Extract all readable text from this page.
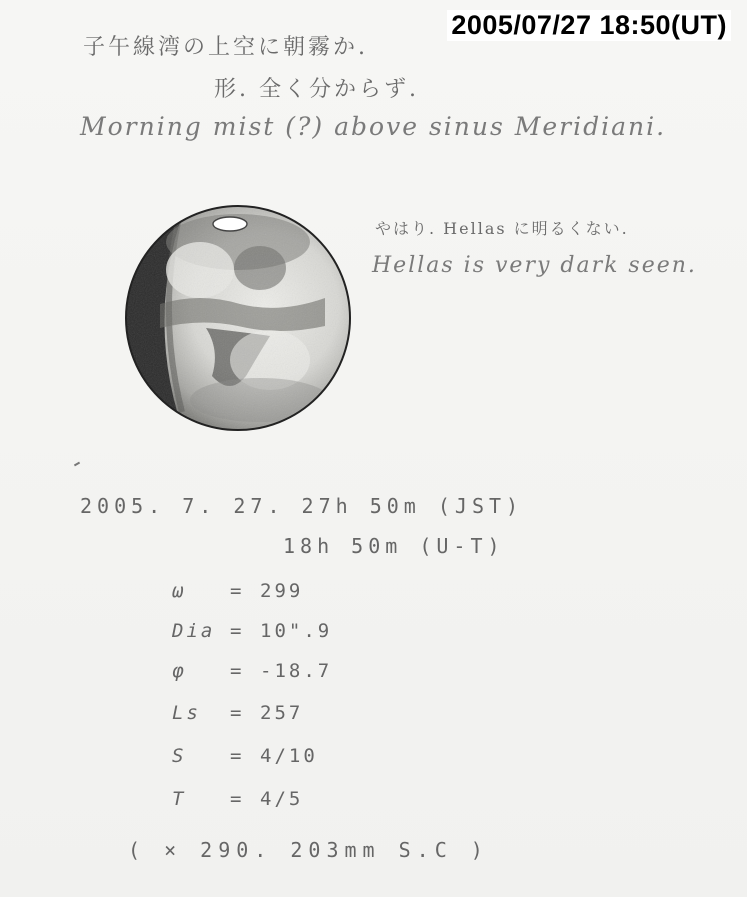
2005/07/27 18:50(UT)
子午線湾の上空に朝霧か.
形. 全く分からず.
Morning mist (?) above sinus Meridiani.
やはり. Hellas に明るくない.
Hellas is very dark seen.
2005. 7. 27. 27h 50m (JST)
18h 50m (U-T)
ω = 299
Dia = 10".9
φ = -18.7
Ls = 257
S = 4/10
T = 4/5
( × 290. 203mm S.C )
